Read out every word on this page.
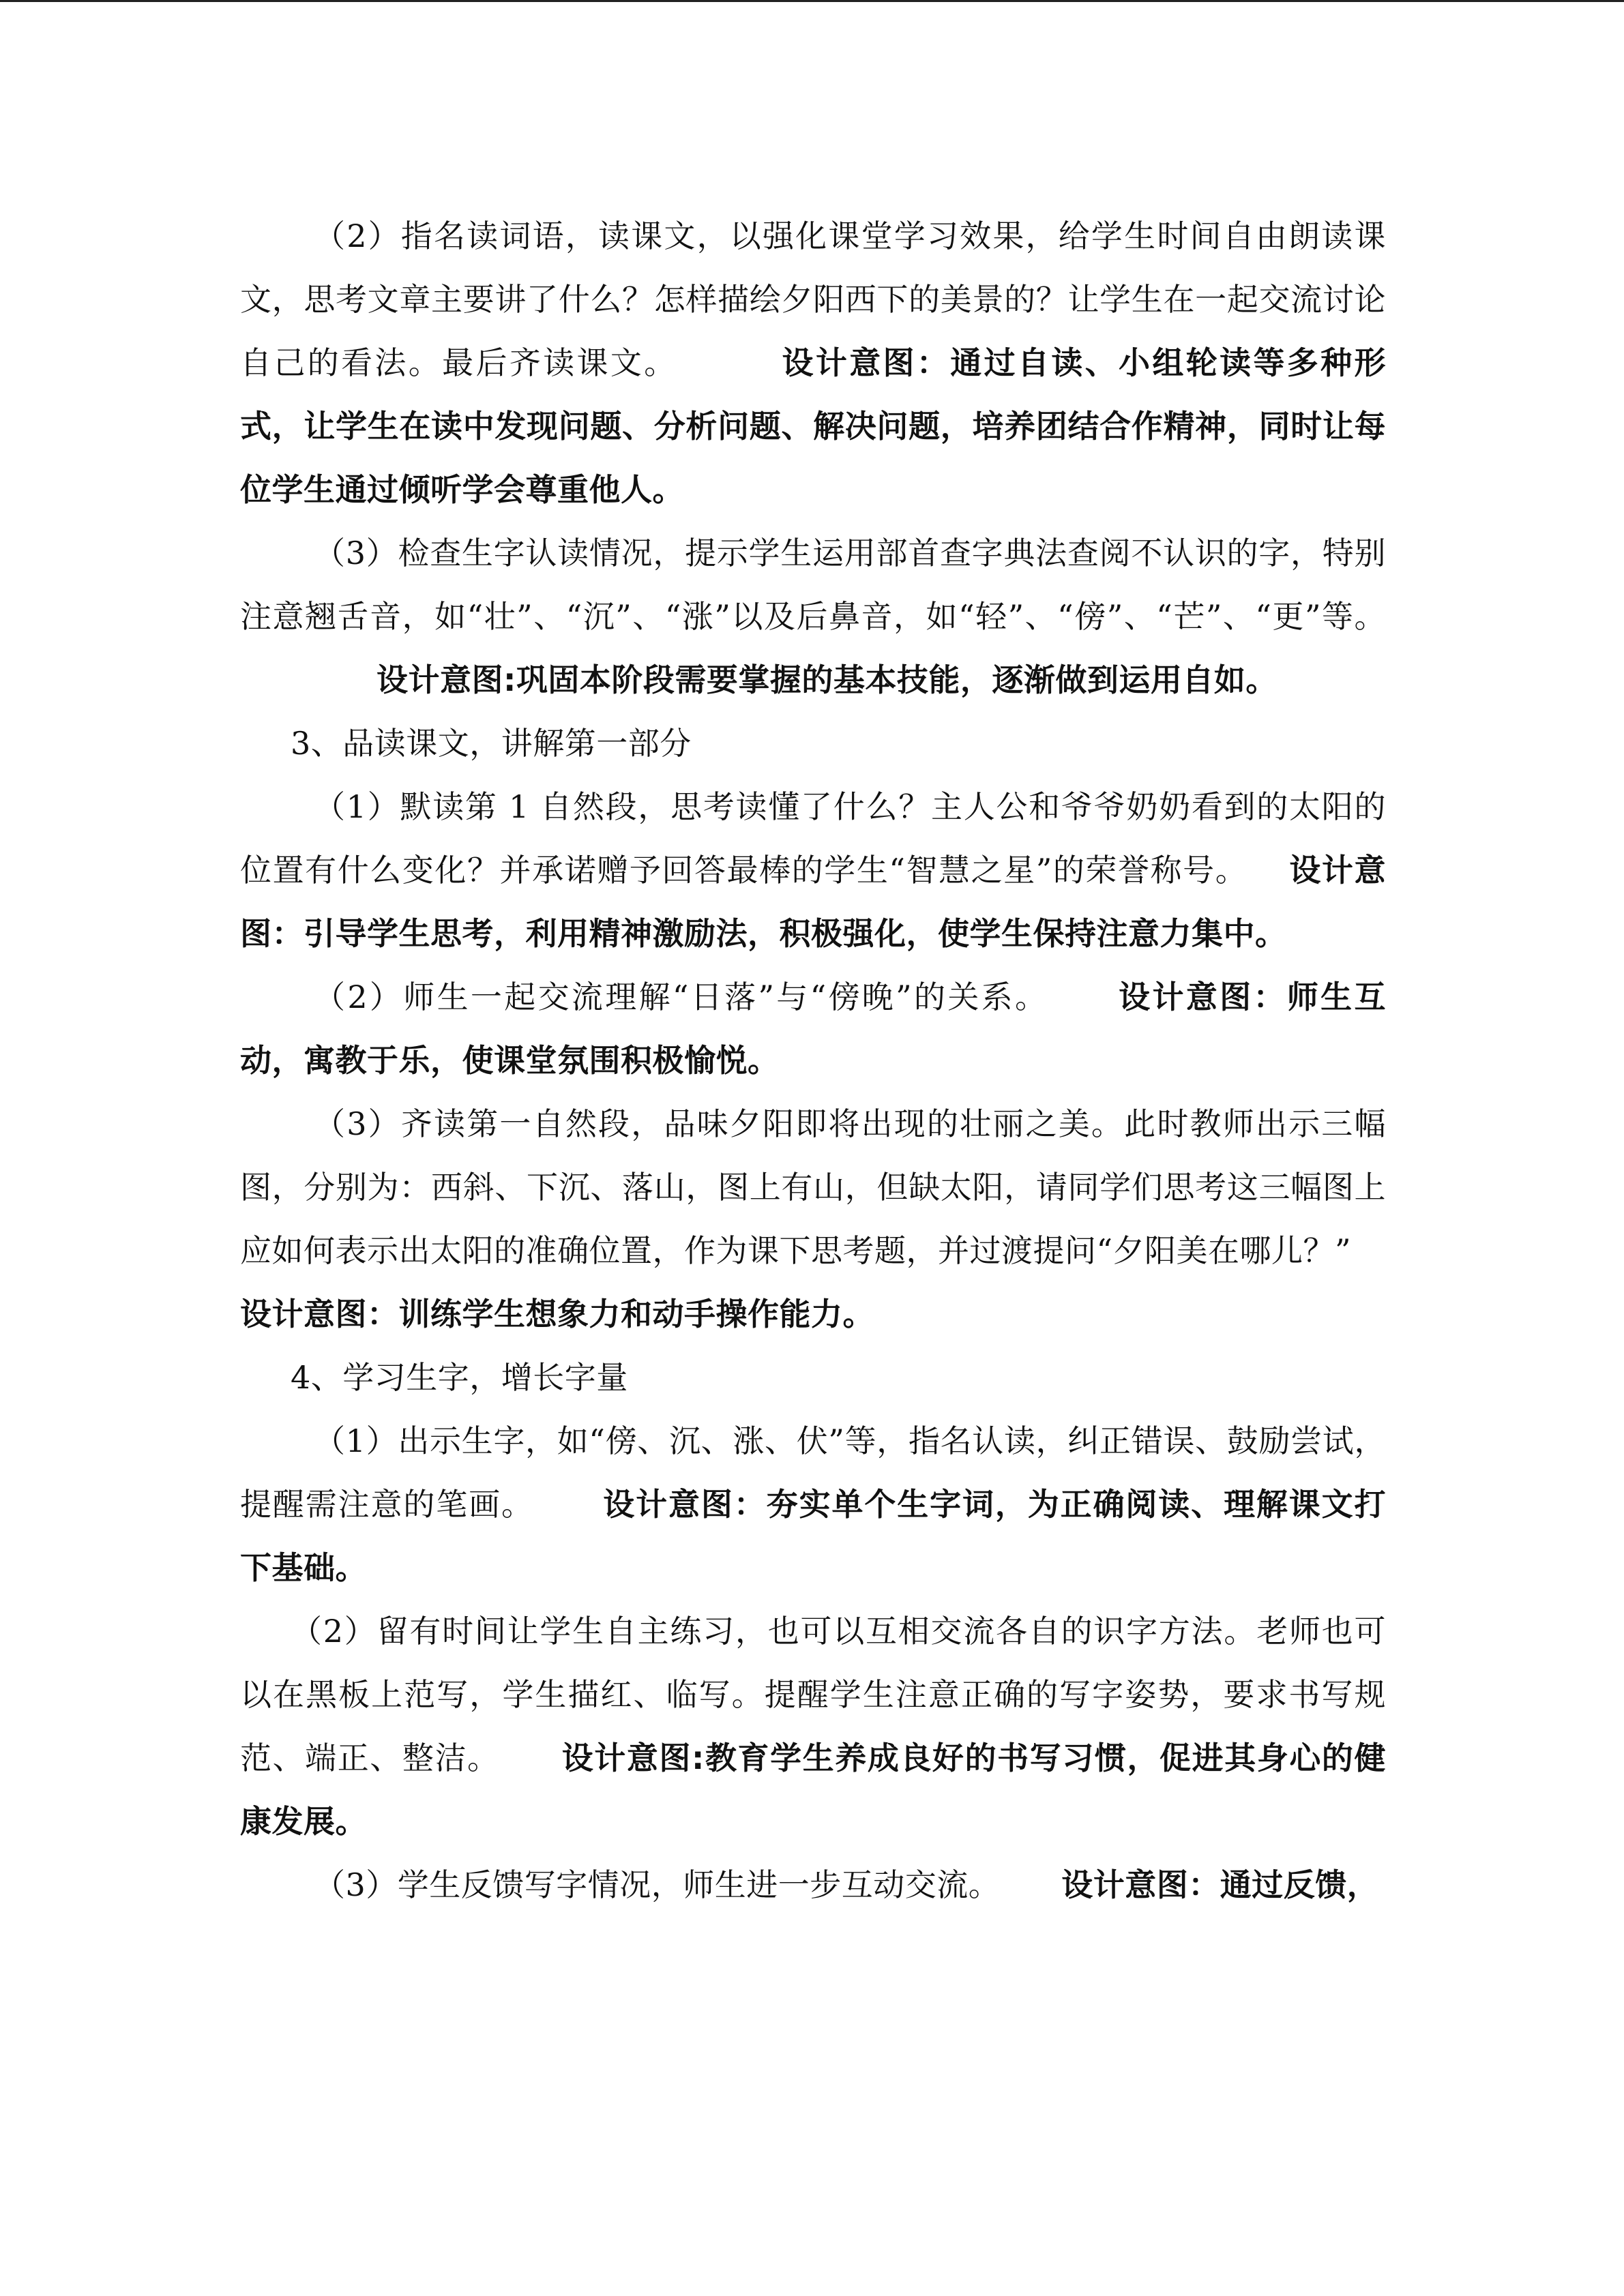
（2）指名读词语，读课文，以强化课堂学习效果，给学生时间自由朗读课文，思考文章主要讲了什么？怎样描绘夕阳西下的美景的？让学生在一起交流讨论自己的看法。最后齐读课文。	设计意图：通过自读、小组轮读等多种形式，让学生在读中发现问题、分析问题、解决问题，培养团结合作精神，同时让每位学生通过倾听学会尊重他人。

（3）检查生字认读情况，提示学生运用部首查字典法查阅不认识的字，特别注意翘舌音，如“壮”、“沉”、“涨”以及后鼻音，如“轻”、“傍”、“芒”、“更”等。设计意图:巩固本阶段需要掌握的基本技能，逐渐做到运用自如。

3、品读课文，讲解第一部分

（1）默读第 1 自然段，思考读懂了什么？主人公和爷爷奶奶看到的太阳的位置有什么变化？并承诺赠予回答最棒的学生“智慧之星”的荣誉称号。 设计意图：引导学生思考，利用精神激励法，积极强化，使学生保持注意力集中。

（2）师生一起交流理解“日落”与“傍晚”的关系。 设计意图：师生互动，寓教于乐，使课堂氛围积极愉悦。

（3）齐读第一自然段，品味夕阳即将出现的壮丽之美。此时教师出示三幅图，分别为：西斜、下沉、落山，图上有山，但缺太阳，请同学们思考这三幅图上应如何表示出太阳的准确位置，作为课下思考题，并过渡提问“夕阳美在哪儿？”

设计意图：训练学生想象力和动手操作能力。

4、学习生字，增长字量

（1）出示生字，如“傍、沉、涨、伏”等，指名认读，纠正错误、鼓励尝试，提醒需注意的笔画。 设计意图：夯实单个生字词，为正确阅读、理解课文打下基础。

（2）留有时间让学生自主练习，也可以互相交流各自的识字方法。老师也可以在黑板上范写，学生描红、临写。提醒学生注意正确的写字姿势，要求书写规范、端正、整洁。 设计意图:教育学生养成良好的书写习惯，促进其身心的健康发展。

（3）学生反馈写字情况，师生进一步互动交流。 设计意图：通过反馈，
